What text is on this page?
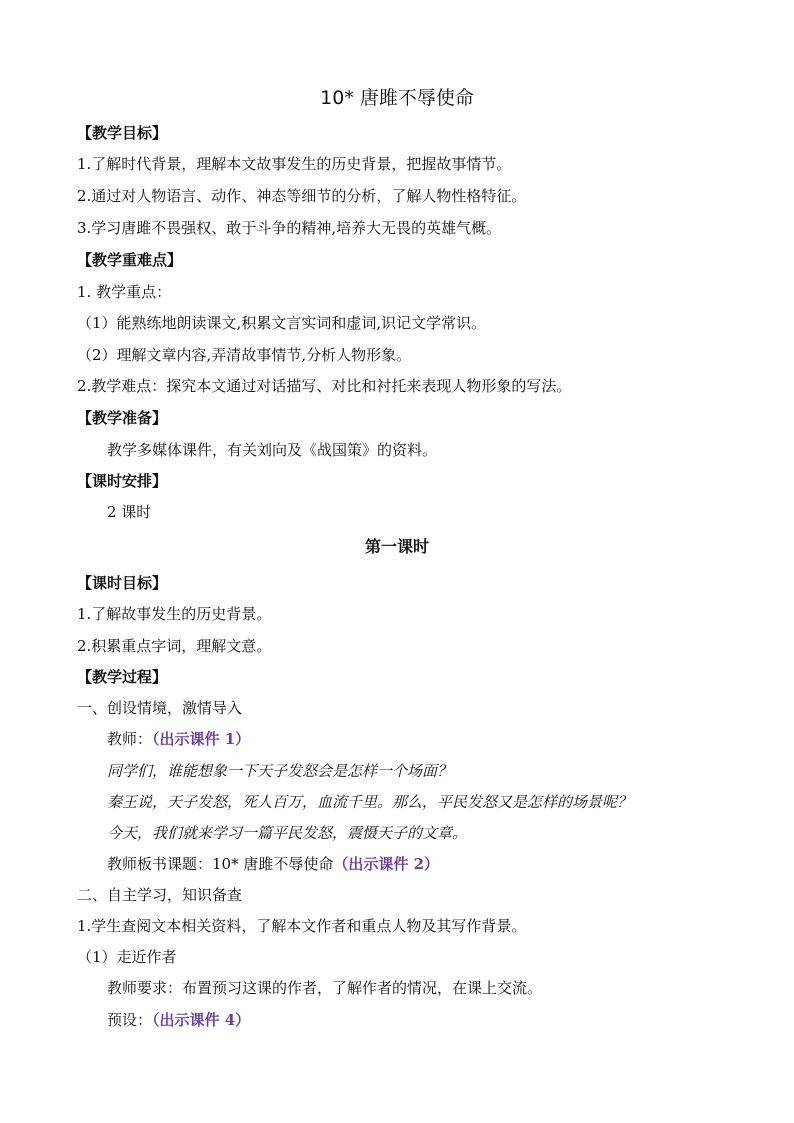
10* 唐雎不辱使命
【教学目标】
1.了解时代背景，理解本文故事发生的历史背景，把握故事情节。
2.通过对人物语言、动作、神态等细节的分析，了解人物性格特征。
3.学习唐雎不畏强权、敢于斗争的精神,培养大无畏的英雄气概。
【教学重难点】
1. 教学重点：
（1）能熟练地朗读课文,积累文言实词和虚词,识记文学常识。
（2）理解文章内容,弄清故事情节,分析人物形象。
2.教学难点：探究本文通过对话描写、对比和衬托来表现人物形象的写法。
【教学准备】
教学多媒体课件，有关刘向及《战国策》的资料。
【课时安排】
2 课时
第一课时
【课时目标】
1.了解故事发生的历史背景。
2.积累重点字词，理解文意。
【教学过程】
一、创设情境，激情导入
教师：（出示课件 1）
同学们，谁能想象一下天子发怒会是怎样一个场面？
秦王说，天子发怒，死人百万，血流千里。那么，平民发怒又是怎样的场景呢？
今天，我们就来学习一篇平民发怒，震慑天子的文章。
教师板书课题：10* 唐雎不辱使命（出示课件 2）
二、自主学习，知识备查
1.学生查阅文本相关资料，了解本文作者和重点人物及其写作背景。
（1）走近作者
教师要求：布置预习这课的作者，了解作者的情况，在课上交流。
预设：（出示课件 4）
